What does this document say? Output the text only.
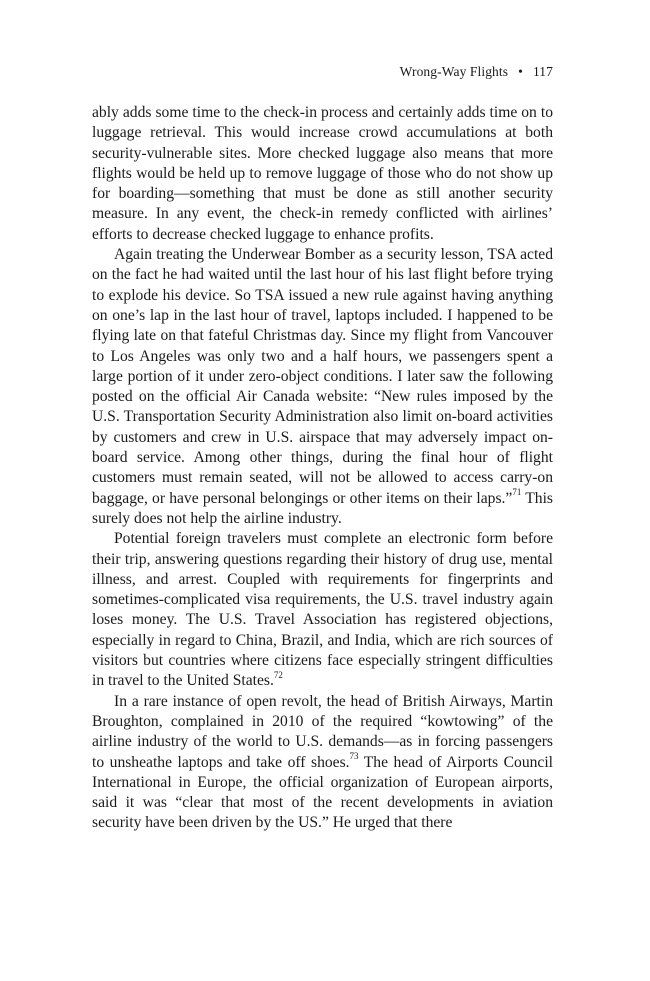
Wrong-Way Flights • 117

ably adds some time to the check-in process and certainly adds time on to luggage retrieval. This would increase crowd accumulations at both security-vulnerable sites. More checked luggage also means that more flights would be held up to remove luggage of those who do not show up for boarding—something that must be done as still another security measure. In any event, the check-in remedy conflicted with airlines’ efforts to decrease checked luggage to enhance profits.

Again treating the Underwear Bomber as a security lesson, TSA acted on the fact he had waited until the last hour of his last flight before trying to explode his device. So TSA issued a new rule against having anything on one’s lap in the last hour of travel, laptops included. I happened to be flying late on that fateful Christmas day. Since my flight from Vancouver to Los Angeles was only two and a half hours, we passengers spent a large portion of it under zero-object conditions. I later saw the following posted on the official Air Canada website: “New rules imposed by the U.S. Transportation Security Administration also limit on-board activities by customers and crew in U.S. airspace that may adversely impact on-board service. Among other things, during the final hour of flight customers must remain seated, will not be allowed to access carry-on baggage, or have personal belongings or other items on their laps.”$^{71}$ This surely does not help the airline industry.

Potential foreign travelers must complete an electronic form before their trip, answering questions regarding their history of drug use, mental illness, and arrest. Coupled with requirements for fingerprints and sometimes-complicated visa requirements, the U.S. travel industry again loses money. The U.S. Travel Association has registered objections, especially in regard to China, Brazil, and India, which are rich sources of visitors but countries where citizens face especially stringent difficulties in travel to the United States.$^{72}$

In a rare instance of open revolt, the head of British Airways, Martin Broughton, complained in 2010 of the required “kowtowing” of the airline industry of the world to U.S. demands—as in forcing passengers to unsheathe laptops and take off shoes.$^{73}$ The head of Airports Council International in Europe, the official organization of European airports, said it was “clear that most of the recent developments in aviation security have been driven by the US.” He urged that there
